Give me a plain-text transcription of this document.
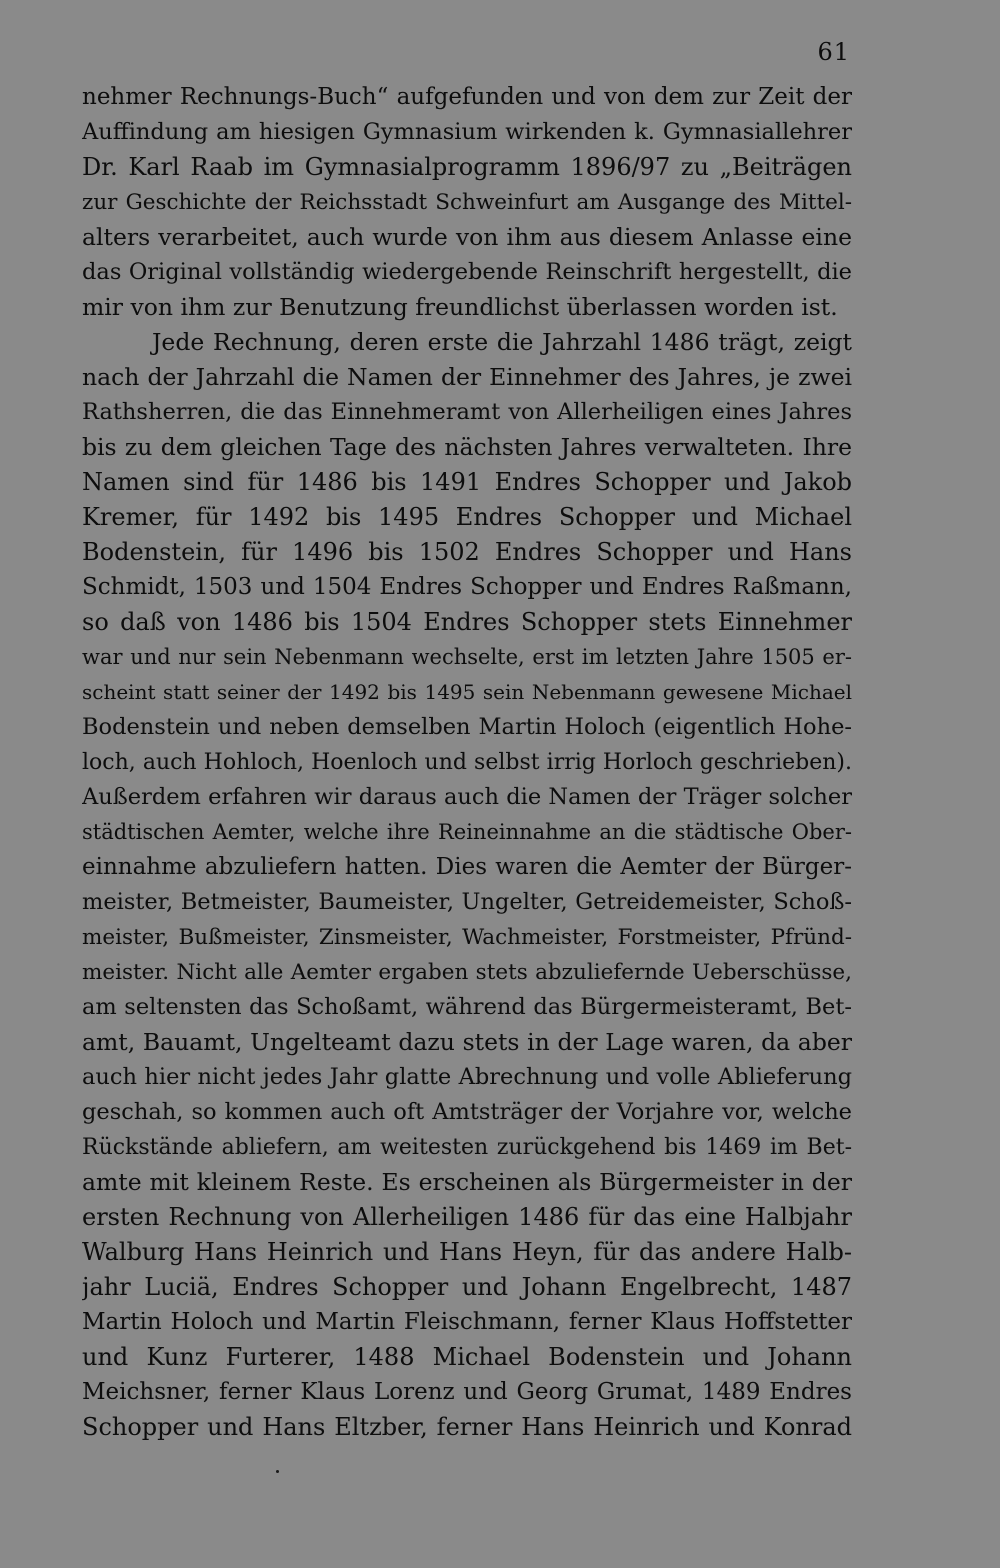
61
nehmer Rechnungs-Buch“ aufgefunden und von dem zur Zeit der
Auffindung am hiesigen Gymnasium wirkenden k. Gymnasiallehrer
Dr. Karl Raab im Gymnasialprogramm 1896/97 zu „Beiträgen
zur Geschichte der Reichsstadt Schweinfurt am Ausgange des Mittel-
alters verarbeitet, auch wurde von ihm aus diesem Anlasse eine
das Original vollständig wiedergebende Reinschrift hergestellt, die
mir von ihm zur Benutzung freundlichst überlassen worden ist.
Jede Rechnung, deren erste die Jahrzahl 1486 trägt, zeigt
nach der Jahrzahl die Namen der Einnehmer des Jahres, je zwei
Rathsherren, die das Einnehmeramt von Allerheiligen eines Jahres
bis zu dem gleichen Tage des nächsten Jahres verwalteten. Ihre
Namen sind für 1486 bis 1491 Endres Schopper und Jakob
Kremer, für 1492 bis 1495 Endres Schopper und Michael
Bodenstein, für 1496 bis 1502 Endres Schopper und Hans
Schmidt, 1503 und 1504 Endres Schopper und Endres Raßmann,
so daß von 1486 bis 1504 Endres Schopper stets Einnehmer
war und nur sein Nebenmann wechselte, erst im letzten Jahre 1505 er-
scheint statt seiner der 1492 bis 1495 sein Nebenmann gewesene Michael
Bodenstein und neben demselben Martin Holoch (eigentlich Hohe-
loch, auch Hohloch, Hoenloch und selbst irrig Horloch geschrieben).
Außerdem erfahren wir daraus auch die Namen der Träger solcher
städtischen Aemter, welche ihre Reineinnahme an die städtische Ober-
einnahme abzuliefern hatten. Dies waren die Aemter der Bürger-
meister, Betmeister, Baumeister, Ungelter, Getreidemeister, Schoß-
meister, Bußmeister, Zinsmeister, Wachmeister, Forstmeister, Pfründ-
meister. Nicht alle Aemter ergaben stets abzuliefernde Ueberschüsse,
am seltensten das Schoßamt, während das Bürgermeisteramt, Bet-
amt, Bauamt, Ungelteamt dazu stets in der Lage waren, da aber
auch hier nicht jedes Jahr glatte Abrechnung und volle Ablieferung
geschah, so kommen auch oft Amtsträger der Vorjahre vor, welche
Rückstände abliefern, am weitesten zurückgehend bis 1469 im Bet-
amte mit kleinem Reste. Es erscheinen als Bürgermeister in der
ersten Rechnung von Allerheiligen 1486 für das eine Halbjahr
Walburg Hans Heinrich und Hans Heyn, für das andere Halb-
jahr Luciä, Endres Schopper und Johann Engelbrecht, 1487
Martin Holoch und Martin Fleischmann, ferner Klaus Hoffstetter
und Kunz Furterer, 1488 Michael Bodenstein und Johann
Meichsner, ferner Klaus Lorenz und Georg Grumat, 1489 Endres
Schopper und Hans Eltzber, ferner Hans Heinrich und Konrad
